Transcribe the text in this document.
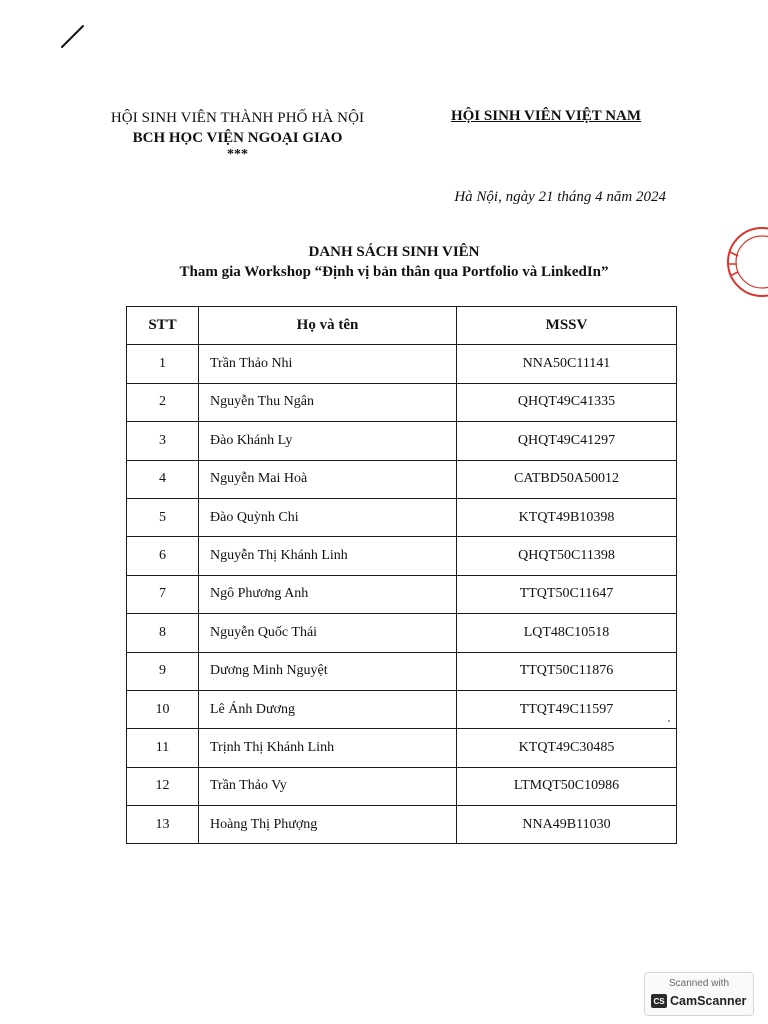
HỘI SINH VIÊN THÀNH PHỐ HÀ NỘI
BCH HỌC VIỆN NGOẠI GIAO
***
HỘI SINH VIÊN VIỆT NAM
Hà Nội, ngày 21 tháng 4 năm 2024
DANH SÁCH SINH VIÊN
Tham gia Workshop “Định vị bản thân qua Portfolio và LinkedIn”
STT	Họ và tên	MSSV
1	Trần Thảo Nhi	NNA50C11141
2	Nguyễn Thu Ngân	QHQT49C41335
3	Đào Khánh Ly	QHQT49C41297
4	Nguyễn Mai Hoà	CATBD50A50012
5	Đào Quỳnh Chi	KTQT49B10398
6	Nguyễn Thị Khánh Linh	QHQT50C11398
7	Ngô Phương Anh	TTQT50C11647
8	Nguyễn Quốc Thái	LQT48C10518
9	Dương Minh Nguyệt	TTQT50C11876
10	Lê Ánh Dương	TTQT49C11597
11	Trịnh Thị Khánh Linh	KTQT49C30485
12	Trần Thảo Vy	LTMQT50C10986
13	Hoàng Thị Phượng	NNA49B11030
Scanned with
CS CamScanner
